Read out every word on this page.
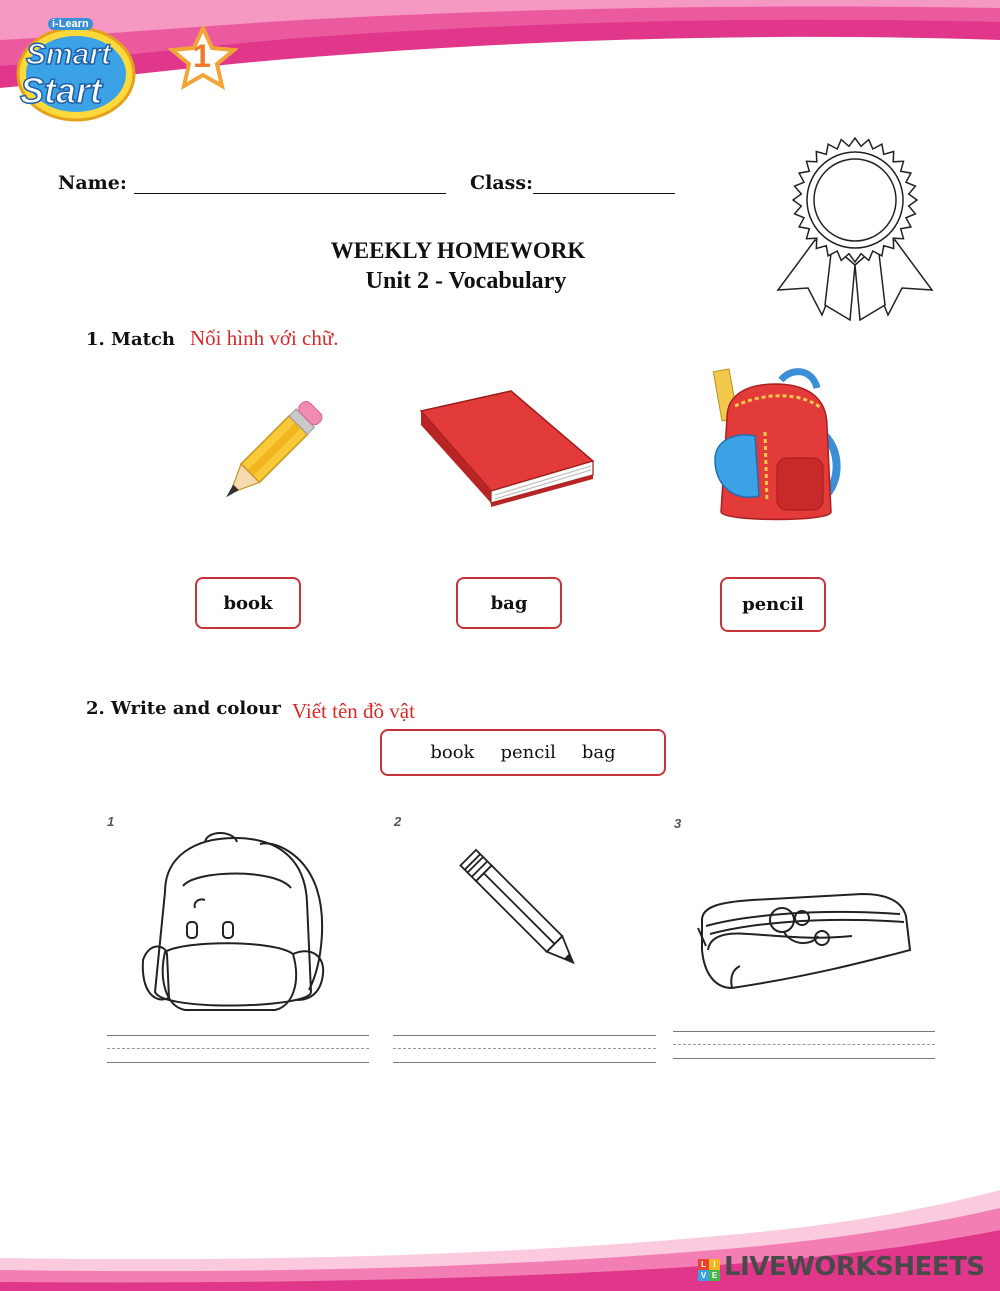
i-Learn
Smart
Start
1
Name:	Class:
WEEKLY HOMEWORK
Unit 2 - Vocabulary
1. Match Nối hình với chữ.
book	bag	pencil
2. Write and colour Viết tên đồ vật
book pencil bag
1	2	3
L I
V E LIVEWORKSHEETS
